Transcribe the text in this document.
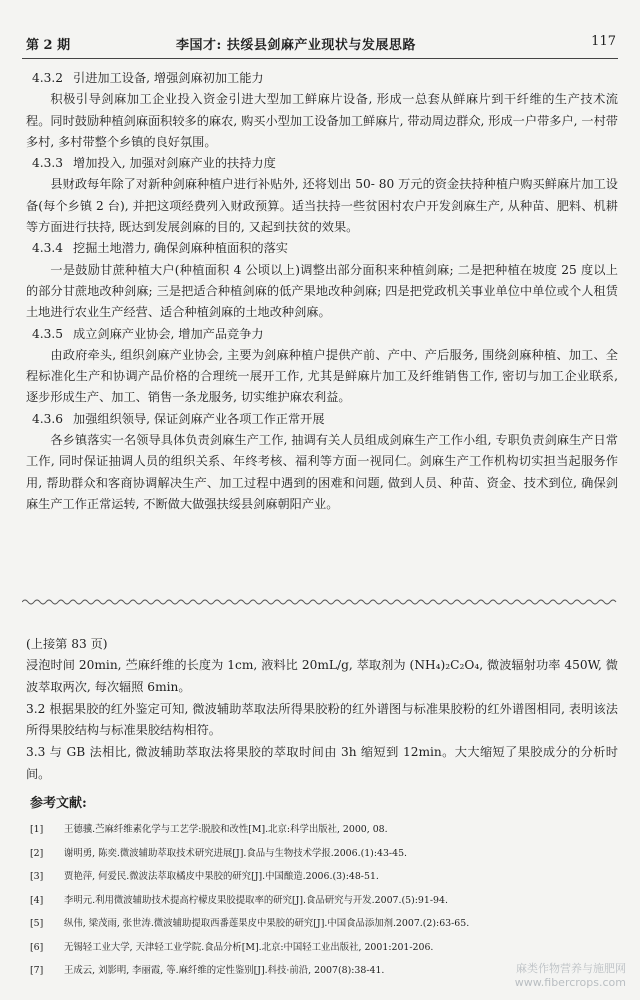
第 2 期	李国才: 扶绥县剑麻产业现状与发展思路	117

4.3.2 引进加工设备, 增强剑麻初加工能力

积极引导剑麻加工企业投入资金引进大型加工鲜麻片设备, 形成一总套从鲜麻片到干纤维的生产技术流程。同时鼓励种植剑麻面积较多的麻农, 购买小型加工设备加工鲜麻片, 带动周边群众, 形成一户带多户, 一村带多村, 多村带整个乡镇的良好氛围。

4.3.3 增加投入, 加强对剑麻产业的扶持力度

县财政每年除了对新种剑麻种植户进行补贴外, 还将划出 50- 80 万元的资金扶持种植户购买鲜麻片加工设备(每个乡镇 2 台), 并把这项经费列入财政预算。适当扶持一些贫困村农户开发剑麻生产, 从种苗、肥料、机耕等方面进行扶持, 既达到发展剑麻的目的, 又起到扶贫的效果。

4.3.4 挖掘土地潜力, 确保剑麻种植面积的落实

一是鼓励甘蔗种植大户(种植面积 4 公顷以上)调整出部分面积来种植剑麻; 二是把种植在坡度 25 度以上的部分甘蔗地改种剑麻; 三是把适合种植剑麻的低产果地改种剑麻; 四是把党政机关事业单位中单位或个人租赁土地进行农业生产经营、适合种植剑麻的土地改种剑麻。

4.3.5 成立剑麻产业协会, 增加产品竞争力

由政府牵头, 组织剑麻产业协会, 主要为剑麻种植户提供产前、产中、产后服务, 围绕剑麻种植、加工、全程标准化生产和协调产品价格的合理统一展开工作, 尤其是鲜麻片加工及纤维销售工作, 密切与加工企业联系, 逐步形成生产、加工、销售一条龙服务, 切实维护麻农利益。

4.3.6 加强组织领导, 保证剑麻产业各项工作正常开展

各乡镇落实一名领导具体负责剑麻生产工作, 抽调有关人员组成剑麻生产工作小组, 专职负责剑麻生产日常工作, 同时保证抽调人员的组织关系、年终考核、福利等方面一视同仁。剑麻生产工作机构切实担当起服务作用, 帮助群众和客商协调解决生产、加工过程中遇到的困难和问题, 做到人员、种苗、资金、技术到位, 确保剑麻生产工作正常运转, 不断做大做强扶绥县剑麻朝阳产业。

(上接第 83 页)

浸泡时间 20min, 苎麻纤维的长度为 1cm, 液料比 20mL/g, 萃取剂为 (NH₄)₂C₂O₄, 微波辐射功率 450W, 微波萃取两次, 每次辐照 6min。

3.2 根据果胶的红外鉴定可知, 微波辅助萃取法所得果胶粉的红外谱图与标准果胶粉的红外谱图相同, 表明该法所得果胶结构与标准果胶结构相符。

3.3 与 GB 法相比, 微波辅助萃取法将果胶的萃取时间由 3h 缩短到 12min。大大缩短了果胶成分的分析时间。

参考文献:

[1] 王德骥.苎麻纤维素化学与工艺学:脱胶和改性[M].北京:科学出版社, 2000, 08.

[2] 谢明勇, 陈奕.微波辅助萃取技术研究进展[J].食品与生物技术学报.2006.(1):43-45.

[3] 贾艳萍, 何爱民.微波法萃取橘皮中果胶的研究[J].中国酿造.2006.(3):48-51.

[4] 李明元.利用微波辅助技术提高柠檬皮果胶提取率的研究[J].食品研究与开发.2007.(5):91-94.

[5] 纵伟, 梁茂雨, 张世涛.微波辅助提取西番莲果皮中果胶的研究[J].中国食品添加剂.2007.(2):63-65.

[6] 无锡轻工业大学, 天津轻工业学院.食品分析[M].北京:中国轻工业出版社, 2001:201-206.

[7] 王成云, 刘影明, 李丽霞, 等.麻纤维的定性鉴别[J].科技·前沿, 2007(8):38-41.	麻类作物营养与施肥网
www.fibercrops.com
